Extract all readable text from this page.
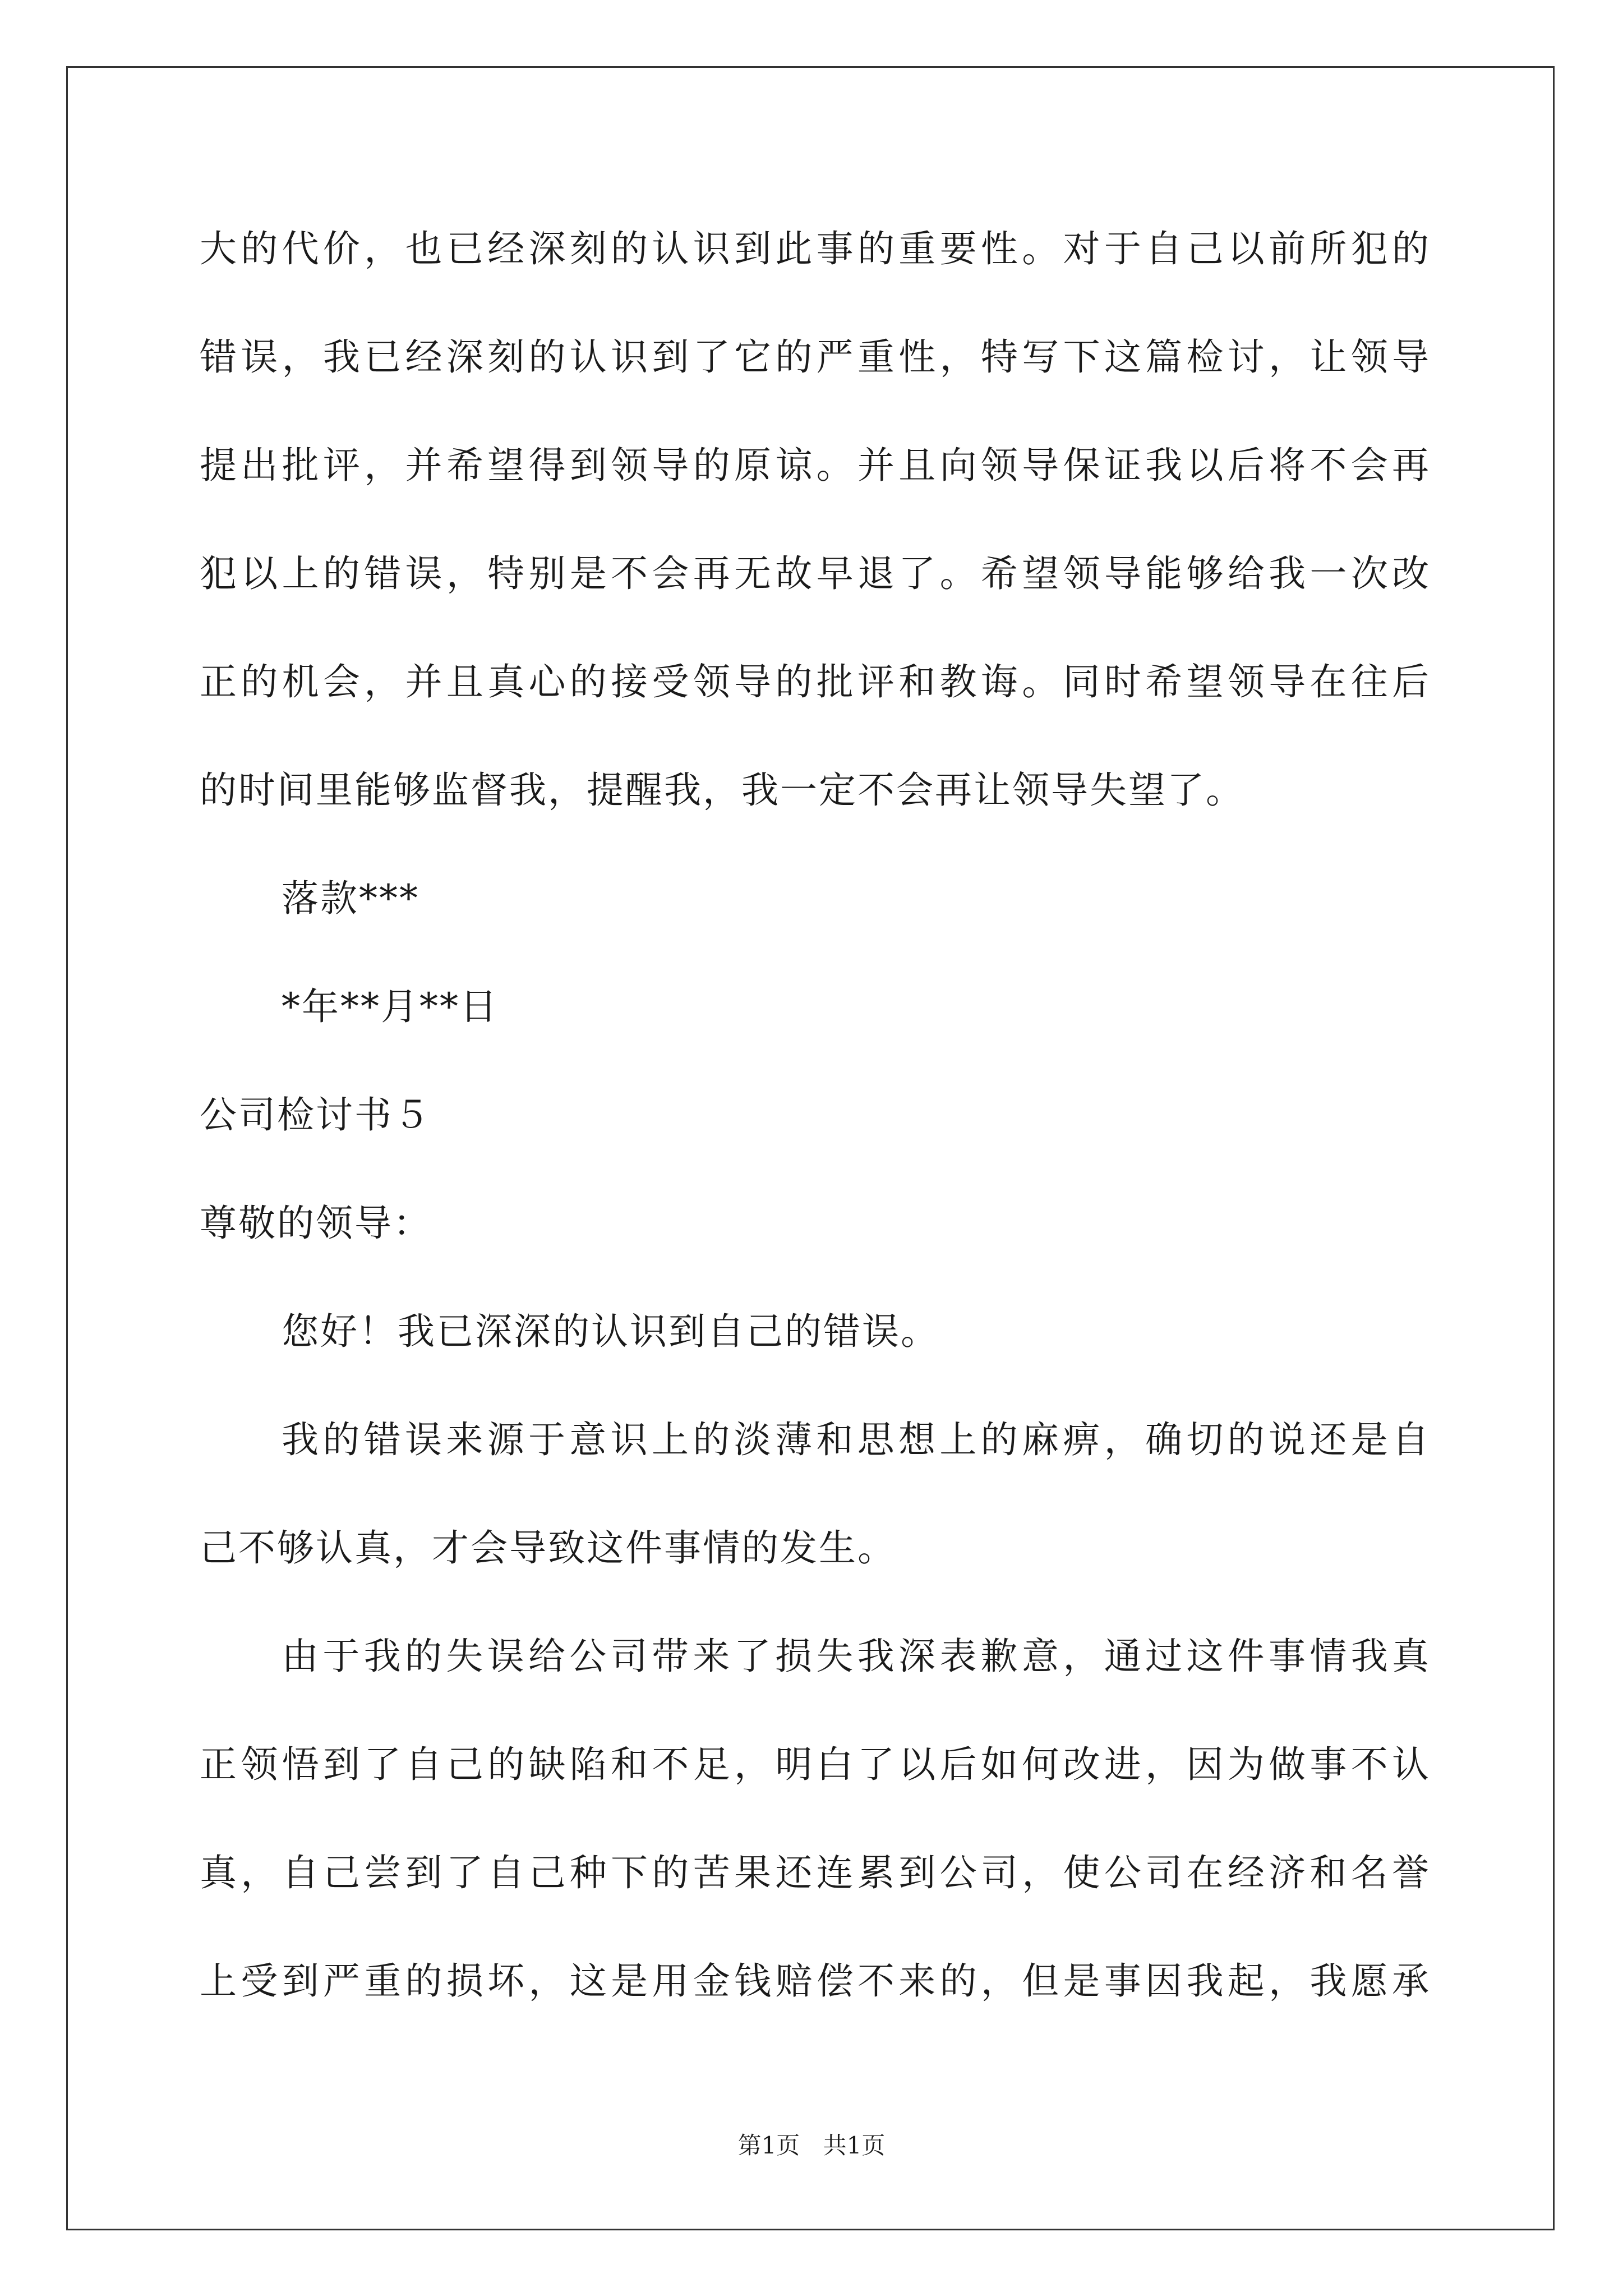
大的代价，也已经深刻的认识到此事的重要性。对于自己以前所犯的
错误，我已经深刻的认识到了它的严重性，特写下这篇检讨，让领导
提出批评，并希望得到领导的原谅。并且向领导保证我以后将不会再
犯以上的错误，特别是不会再无故早退了。希望领导能够给我一次改
正的机会，并且真心的接受领导的批评和教诲。同时希望领导在往后
的时间里能够监督我，提醒我，我一定不会再让领导失望了。
落款***
*年**月**日
公司检讨书５
尊敬的领导：
您好！我已深深的认识到自己的错误。
我的错误来源于意识上的淡薄和思想上的麻痹，确切的说还是自
己不够认真，才会导致这件事情的发生。
由于我的失误给公司带来了损失我深表歉意，通过这件事情我真
正领悟到了自己的缺陷和不足，明白了以后如何改进，因为做事不认
真，自己尝到了自己种下的苦果还连累到公司，使公司在经济和名誉
上受到严重的损坏，这是用金钱赔偿不来的，但是事因我起，我愿承
第1页 共1页
